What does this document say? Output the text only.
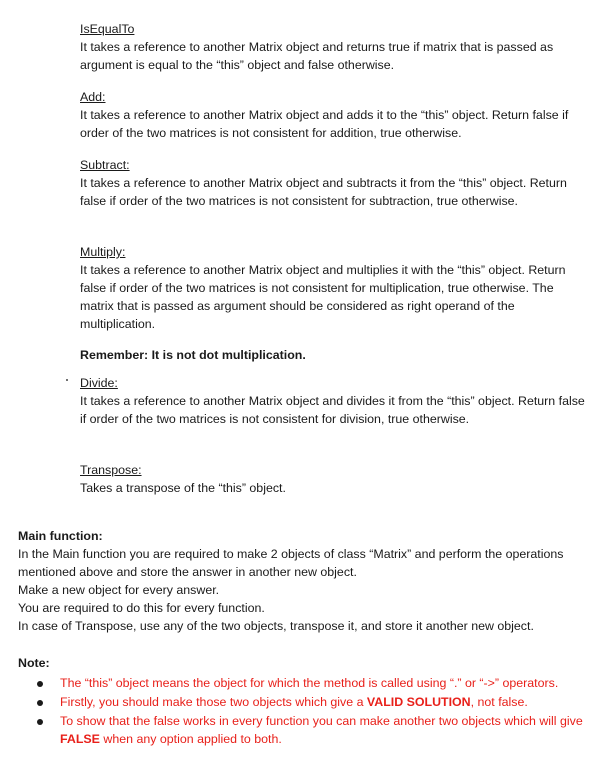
IsEqualTo
It takes a reference to another Matrix object and returns true if matrix that is passed as argument is equal to the “this” object and false otherwise.
Add:
It takes a reference to another Matrix object and adds it to the “this” object. Return false if order of the two matrices is not consistent for addition, true otherwise.
Subtract:
It takes a reference to another Matrix object and subtracts it from the “this” object. Return false if order of the two matrices is not consistent for subtraction, true otherwise.
Multiply:
It takes a reference to another Matrix object and multiplies it with the “this” object. Return false if order of the two matrices is not consistent for multiplication, true otherwise. The matrix that is passed as argument should be considered as right operand of the multiplication.
Remember: It is not dot multiplication.
Divide:
It takes a reference to another Matrix object and divides it from the “this” object. Return false if order of the two matrices is not consistent for division, true otherwise.
Transpose:
Takes a transpose of the “this” object.
Main function:
In the Main function you are required to make 2 objects of class “Matrix” and perform the operations mentioned above and store the answer in another new object.
Make a new object for every answer.
You are required to do this for every function.
In case of Transpose, use any of the two objects, transpose it, and store it another new object.
Note:
The “this” object means the object for which the method is called using “.” or “->” operators.
Firstly, you should make those two objects which give a VALID SOLUTION, not false.
To show that the false works in every function you can make another two objects which will give FALSE when any option applied to both.
